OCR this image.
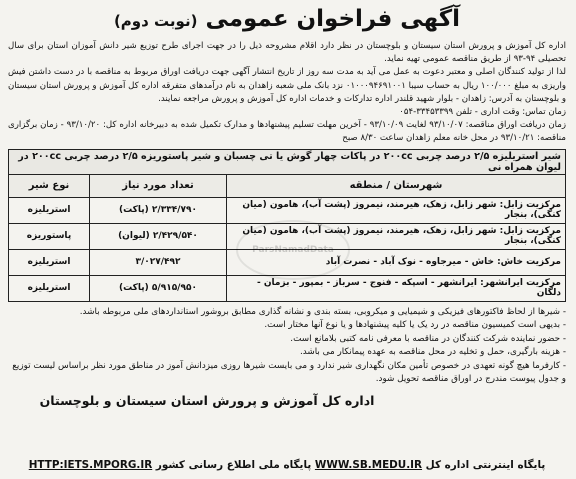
آگهی فراخوان عمومی (نوبت دوم)

اداره کل آموزش و پرورش استان سیستان و بلوچستان در نظر دارد اقلام مشروحه ذیل را در جهت اجرای طرح توزیع شیر دانش آموزان استان برای سال تحصیلی ۹۴-۹۳ از طریق مناقصه عمومی تهیه نماید.

لذا از تولید کنندگان اصلی و معتبر دعوت به عمل می آید به مدت سه روز از تاریخ انتشار آگهی جهت دریافت اوراق مربوط به مناقصه با در دست داشتن فیش واریزی به مبلغ ۱۰۰/۰۰۰ ریال به حساب سیبا ۰۱۰۰۰۹۴۶۹۱۰۰۱ نزد بانک ملی شعبه زاهدان به نام درآمدهای متفرقه اداره کل آموزش و پرورش استان سیستان و بلوچستان به آدرس: زاهدان - بلوار شهید قلندر اداره تدارکات و خدمات اداره کل آموزش و پرورش مراجعه نمایند.

زمان تماس: وقت اداری - تلفن ۳۳۴۵۳۳۹۹-۰۵۴

زمان دریافت اوراق مناقصه: ۹۳/۱۰/۰۷ لغایت ۹۳/۱۰/۰۹ - آخرین مهلت تسلیم پیشنهادها و مدارک تکمیل شده به دبیرخانه اداره کل: ۹۳/۱۰/۲۰ - زمان برگزاری مناقصه: ۹۳/۱۰/۲۱ در محل خانه معلم زاهدان ساعت ۸/۳۰ صبح

شیر استریلیزه ۲/۵ درصد چربی ۲۰۰cc در پاکات چهار گوش یا تی چسبان و شیر پاستوریزه ۲/۵ درصد چربی ۲۰۰cc در لیوان همراه نی		
شهرستان / منطقه	تعداد مورد نیاز	نوع شیر
مرکزیت زابل: شهر زابل، زهک، هیرمند، نیمروز (پشت آب)، هامون (میان کنگی)، بنجار	۲/۳۳۴/۷۹۰ (پاکت)	استریلیزه
مرکزیت زابل: شهر زابل، زهک، هیرمند، نیمروز (پشت آب)، هامون (میان کنگی)، بنجار	۲/۴۲۹/۵۴۰ (لیوان)	پاستوریزه
مرکزیت خاش: خاش - میرجاوه - نوک آباد - نصرت آباد	۳/۰۲۷/۴۹۲	استریلیزه
مرکزیت ایرانشهر: ایرانشهر - اسپکه - فنوج - سرباز - بمپور - بزمان - دلگان	۵/۹۱۵/۹۵۰ (پاکت)	استریلیزه

- شیرها از لحاظ فاکتورهای فیزیکی و شیمیایی و میکروبی، بسته بندی و نشانه گذاری مطابق بروشور استانداردهای ملی مربوطه باشد.

- بدیهی است کمیسیون مناقصه در رد یک یا کلیه پیشنهادها و یا نوع آنها مختار است.

- حضور نماینده شرکت کنندگان در مناقصه با معرفی نامه کتبی بلامانع است.

- هزینه بارگیری، حمل و تخلیه در محل مناقصه به عهده پیمانکار می باشد.

- کارفرما هیچ گونه تعهدی در خصوص تأمین مکان نگهداری شیر ندارد و می بایست شیرها روزی میزدانش آموز در مناطق مورد نظر براساس لیست توزیع و جدول پیوست مندرج در اوراق مناقصه تحویل شود.

اداره کل آموزش و پرورش استان سیستان و بلوچستان
ParsNamadData
پایگاه اینترنتی اداره کل WWW.SB.MEDU.IR پایگاه ملی اطلاع رسانی کشور HTTP:IETS.MPORG.IR
